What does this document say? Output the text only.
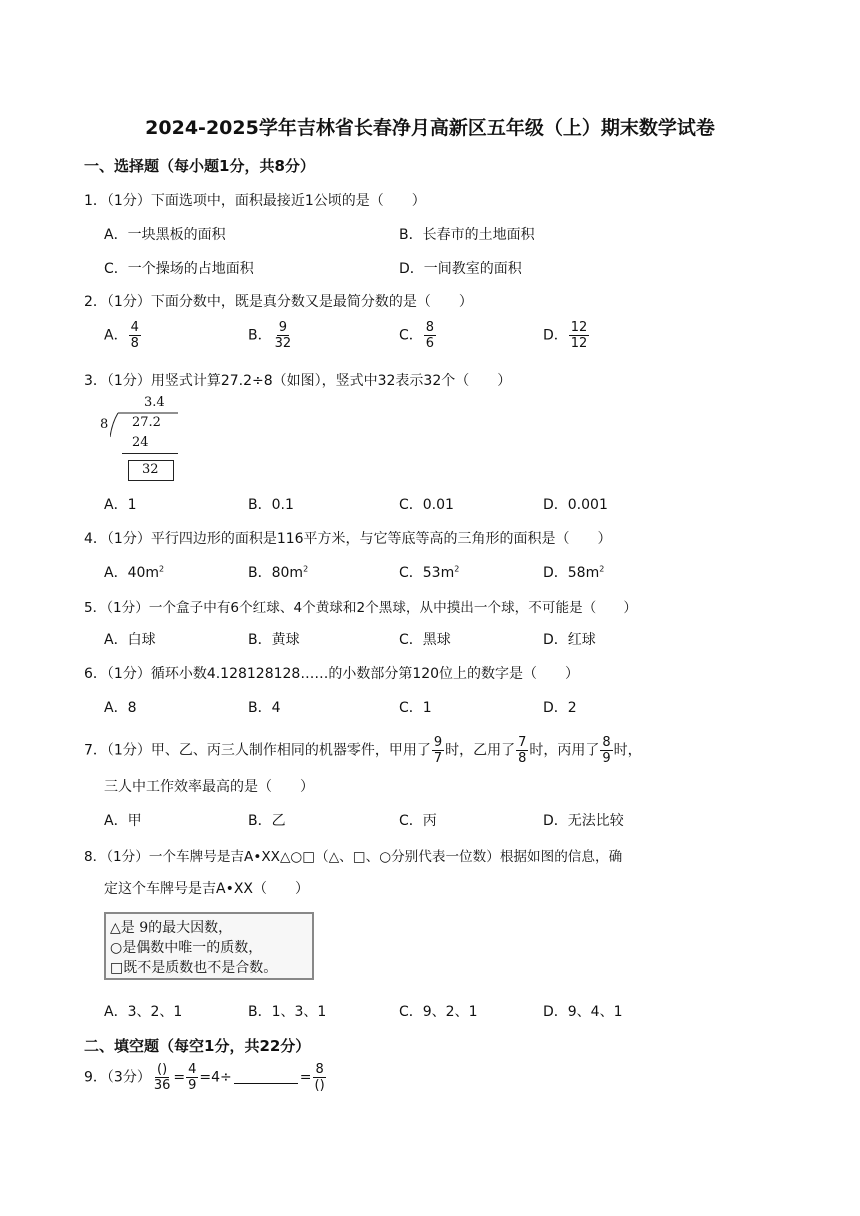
2024-2025学年吉林省长春净月高新区五年级（上）期末数学试卷
一、选择题（每小题1分，共8分）
1．（1分）下面选项中，面积最接近1公顷的是（　　）
A．一块黑板的面积	B．长春市的土地面积
C．一个操场的占地面积	D．一间教室的面积
2．（1分）下面分数中，既是真分数又是最简分数的是（　　）
A． $\frac{4}{8}$	B． $\frac{9}{32}$	C． $\frac{8}{6}$	D． $\frac{12}{12}$
3．（1分）用竖式计算27.2÷8（如图），竖式中32表示32个（　　）
3.4
8 27.2
24
32
A．1	B．0.1	C．0.01	D．0.001
4．（1分）平行四边形的面积是116平方米，与它等底等高的三角形的面积是（　　）
A．$40m^2$	B．$80m^2$	C．$53m^2$	D．$58m^2$
5．（1分）一个盒子中有6个红球、4个黄球和2个黑球，从中摸出一个球，不可能是（　　）
A．白球	B．黄球	C．黑球	D．红球
6．（1分）循环小数4.128128128……的小数部分第120位上的数字是（　　）
A．8	B．4	C．1	D．2
7．（1分）甲、乙、丙三人制作相同的机器零件，甲用了 $\frac{9}{7}$ 时，乙用了 $\frac{7}{8}$ 时，丙用了 $\frac{8}{9}$ 时，
三人中工作效率最高的是（　　）
A．甲	B．乙	C．丙	D．无法比较
8．（1分）一个车牌号是吉A•XX△○□（△、□、○分别代表一位数）根据如图的信息，确
定这个车牌号是吉A•XX（　　）
△是 9的最大因数，
○是偶数中唯一的质数，
□既不是质数也不是合数。
A．3、2、1	B．1、3、1	C．9、2、1	D．9、4、1
二、填空题（每空1分，共22分）
9．（3分） $\frac{()}{36} = \frac{4}{9} =4\div$	= $\frac{8}{()}$
